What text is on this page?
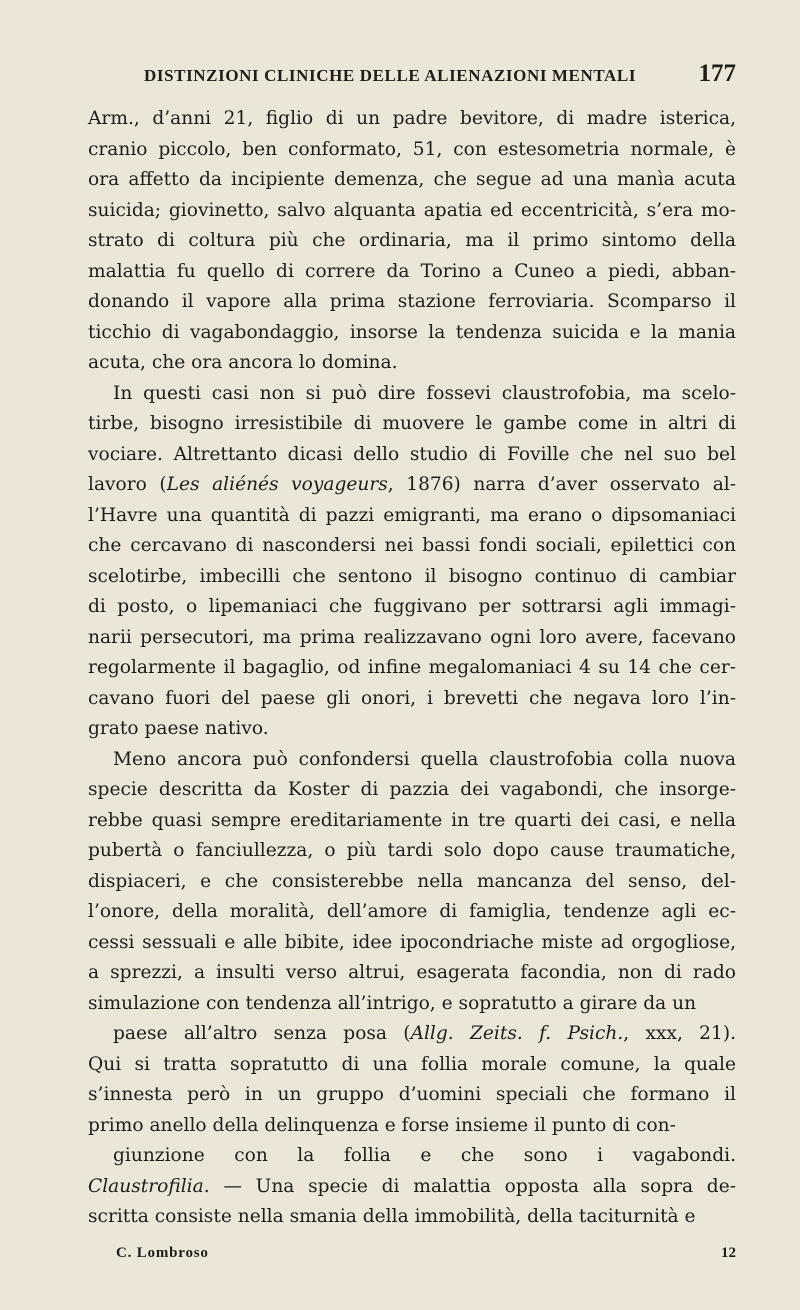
DISTINZIONI CLINICHE DELLE ALIENAZIONI MENTALI 177
Arm., d’anni 21, figlio di un padre bevitore, di madre isterica,
cranio piccolo, ben conformato, 51, con estesometria normale, è
ora affetto da incipiente demenza, che segue ad una manìa acuta
suicida; giovinetto, salvo alquanta apatia ed eccentricità, s’era mo-
strato di coltura più che ordinaria, ma il primo sintomo della
malattia fu quello di correre da Torino a Cuneo a piedi, abban-
donando il vapore alla prima stazione ferroviaria. Scomparso il
ticchio di vagabondaggio, insorse la tendenza suicida e la mania
acuta, che ora ancora lo domina.
In questi casi non si può dire fossevi claustrofobia, ma scelo-
tirbe, bisogno irresistibile di muovere le gambe come in altri di
vociare. Altrettanto dicasi dello studio di Foville che nel suo bel
lavoro (Les aliénés voyageurs, 1876) narra d’aver osservato al-
l’Havre una quantità di pazzi emigranti, ma erano o dipsomaniaci
che cercavano di nascondersi nei bassi fondi sociali, epilettici con
scelotirbe, imbecilli che sentono il bisogno continuo di cambiar
di posto, o lipemaniaci che fuggivano per sottrarsi agli immagi-
narii persecutori, ma prima realizzavano ogni loro avere, facevano
regolarmente il bagaglio, od infine megalomaniaci 4 su 14 che cer-
cavano fuori del paese gli onori, i brevetti che negava loro l’in-
grato paese nativo.
Meno ancora può confondersi quella claustrofobia colla nuova
specie descritta da Koster di pazzia dei vagabondi, che insorge-
rebbe quasi sempre ereditariamente in tre quarti dei casi, e nella
pubertà o fanciullezza, o più tardi solo dopo cause traumatiche,
dispiaceri, e che consisterebbe nella mancanza del senso, del-
l’onore, della moralità, dell’amore di famiglia, tendenze agli ec-
cessi sessuali e alle bibite, idee ipocondriache miste ad orgogliose,
a sprezzi, a insulti verso altrui, esagerata facondia, non di rado
simulazione con tendenza all’intrigo, e sopratutto a girare da un
paese all’altro senza posa (Allg. Zeits. f. Psich., xxx, 21).
Qui si tratta sopratutto di una follia morale comune, la quale
s’innesta però in un gruppo d’uomini speciali che formano il
primo anello della delinquenza e forse insieme il punto di con-
giunzione con la follia e che sono i vagabondi.
Claustrofilia. — Una specie di malattia opposta alla sopra de-
scritta consiste nella smania della immobilità, della taciturnità e
C. Lombroso	12
